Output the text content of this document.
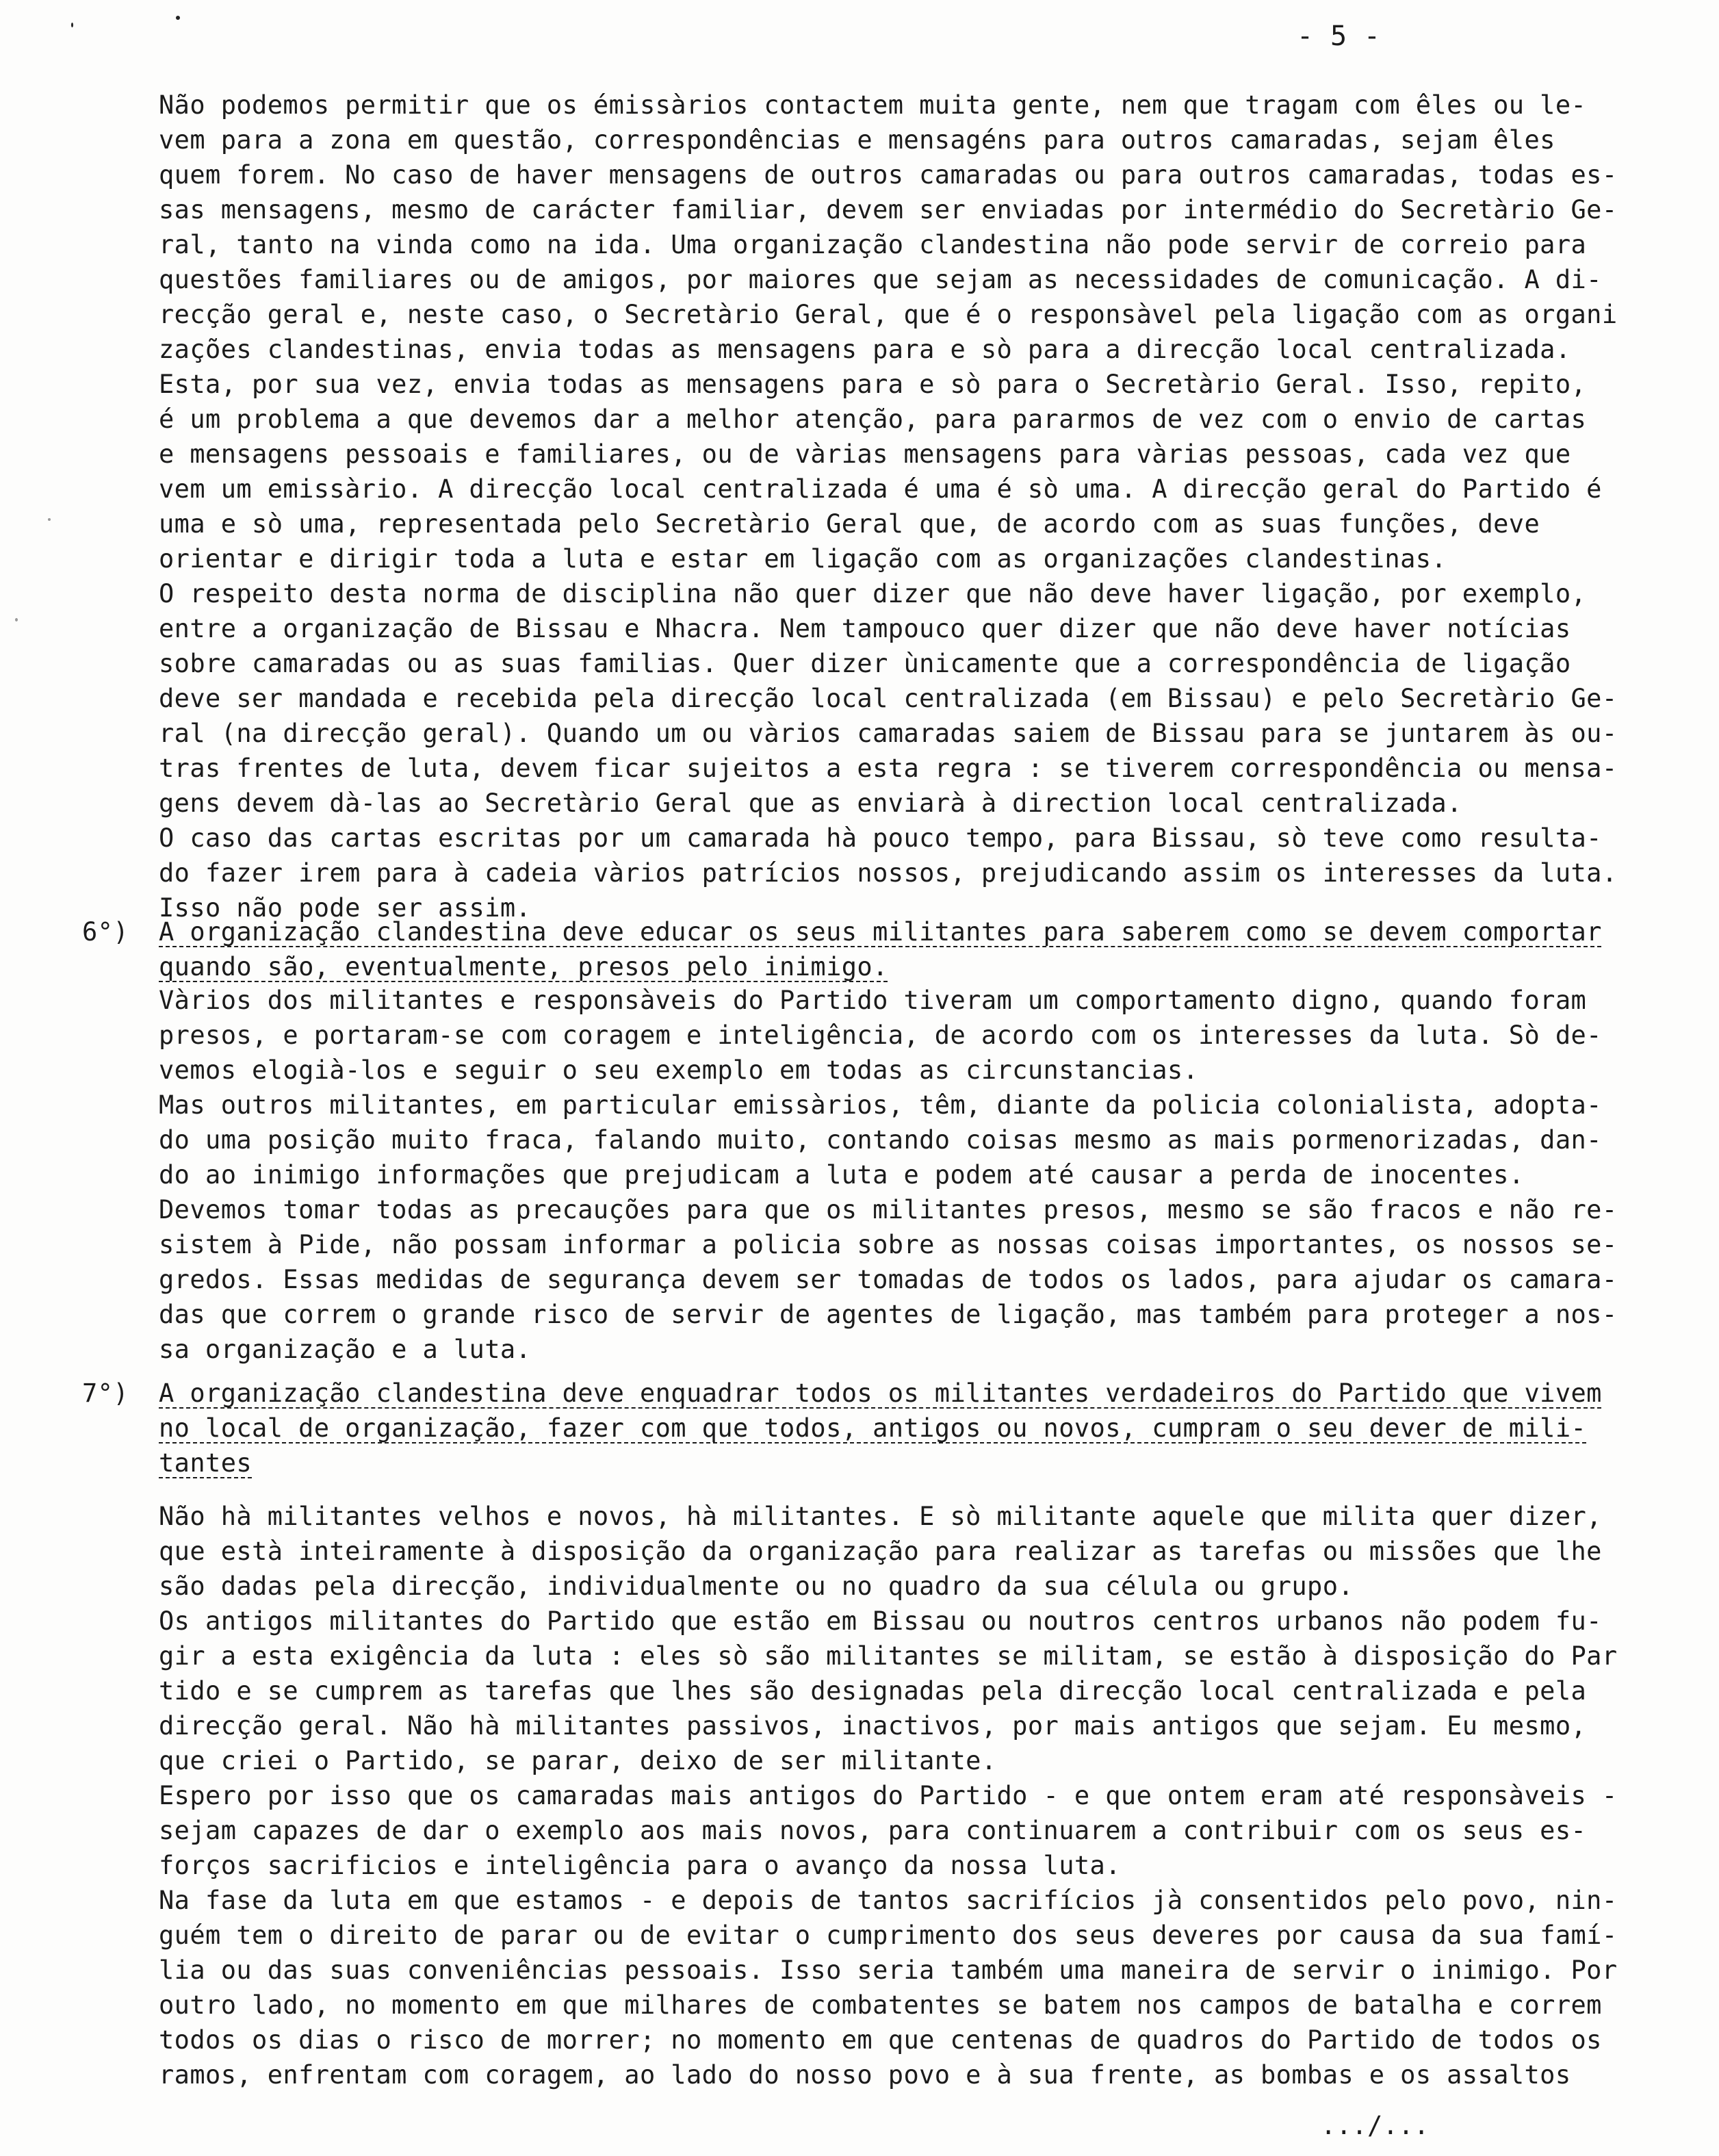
- 5 -
Não podemos permitir que os émissàrios contactem muita gente, nem que tragam com êles ou le-
vem para a zona em questão, correspondências e mensagéns para outros camaradas, sejam êles
quem forem. No caso de haver mensagens de outros camaradas ou para outros camaradas, todas es-
sas mensagens, mesmo de carácter familiar, devem ser enviadas por intermédio do Secretàrio Ge-
ral, tanto na vinda como na ida. Uma organização clandestina não pode servir de correio para
questões familiares ou de amigos, por maiores que sejam as necessidades de comunicação. A di-
recção geral e, neste caso, o Secretàrio Geral, que é o responsàvel pela ligação com as organi
zações clandestinas, envia todas as mensagens para e sò para a direcção local centralizada.
Esta, por sua vez, envia todas as mensagens para e sò para o Secretàrio Geral. Isso, repito,
é um problema a que devemos dar a melhor atenção, para pararmos de vez com o envio de cartas
e mensagens pessoais e familiares, ou de vàrias mensagens para vàrias pessoas, cada vez que
vem um emissàrio. A direcção local centralizada é uma é sò uma. A direcção geral do Partido é
uma e sò uma, representada pelo Secretàrio Geral que, de acordo com as suas funções, deve
orientar e dirigir toda a luta e estar em ligação com as organizações clandestinas.
O respeito desta norma de disciplina não quer dizer que não deve haver ligação, por exemplo,
entre a organização de Bissau e Nhacra. Nem tampouco quer dizer que não deve haver notícias
sobre camaradas ou as suas familias. Quer dizer ùnicamente que a correspondência de ligação
deve ser mandada e recebida pela direcção local centralizada (em Bissau) e pelo Secretàrio Ge-
ral (na direcção geral). Quando um ou vàrios camaradas saiem de Bissau para se juntarem às ou-
tras frentes de luta, devem ficar sujeitos a esta regra : se tiverem correspondência ou mensa-
gens devem dà-las ao Secretàrio Geral que as enviarà à direction local centralizada.
O caso das cartas escritas por um camarada hà pouco tempo, para Bissau, sò teve como resulta-
do fazer irem para à cadeia vàrios patrícios nossos, prejudicando assim os interesses da luta.
Isso não pode ser assim.
6°) A organização clandestina deve educar os seus militantes para saberem como se devem comportar
quando são, eventualmente, presos pelo inimigo.
Vàrios dos militantes e responsàveis do Partido tiveram um comportamento digno, quando foram
presos, e portaram-se com coragem e inteligência, de acordo com os interesses da luta. Sò de-
vemos elogià-los e seguir o seu exemplo em todas as circunstancias.
Mas outros militantes, em particular emissàrios, têm, diante da policia colonialista, adopta-
do uma posição muito fraca, falando muito, contando coisas mesmo as mais pormenorizadas, dan-
do ao inimigo informações que prejudicam a luta e podem até causar a perda de inocentes.
Devemos tomar todas as precauções para que os militantes presos, mesmo se são fracos e não re-
sistem à Pide, não possam informar a policia sobre as nossas coisas importantes, os nossos se-
gredos. Essas medidas de segurança devem ser tomadas de todos os lados, para ajudar os camara-
das que correm o grande risco de servir de agentes de ligação, mas também para proteger a nos-
sa organização e a luta.
7°) A organização clandestina deve enquadrar todos os militantes verdadeiros do Partido que vivem
no local de organização, fazer com que todos, antigos ou novos, cumpram o seu dever de mili-
tantes
Não hà militantes velhos e novos, hà militantes. E sò militante aquele que milita quer dizer,
que està inteiramente à disposição da organização para realizar as tarefas ou missões que lhe
são dadas pela direcção, individualmente ou no quadro da sua célula ou grupo.
Os antigos militantes do Partido que estão em Bissau ou noutros centros urbanos não podem fu-
gir a esta exigência da luta : eles sò são militantes se militam, se estão à disposição do Par
tido e se cumprem as tarefas que lhes são designadas pela direcção local centralizada e pela
direcção geral. Não hà militantes passivos, inactivos, por mais antigos que sejam. Eu mesmo,
que criei o Partido, se parar, deixo de ser militante.
Espero por isso que os camaradas mais antigos do Partido - e que ontem eram até responsàveis -
sejam capazes de dar o exemplo aos mais novos, para continuarem a contribuir com os seus es-
forços sacrificios e inteligência para o avanço da nossa luta.
Na fase da luta em que estamos - e depois de tantos sacrifícios jà consentidos pelo povo, nin-
guém tem o direito de parar ou de evitar o cumprimento dos seus deveres por causa da sua famí-
lia ou das suas conveniências pessoais. Isso seria também uma maneira de servir o inimigo. Por
outro lado, no momento em que milhares de combatentes se batem nos campos de batalha e correm
todos os dias o risco de morrer; no momento em que centenas de quadros do Partido de todos os
ramos, enfrentam com coragem, ao lado do nosso povo e à sua frente, as bombas e os assaltos
.../...
